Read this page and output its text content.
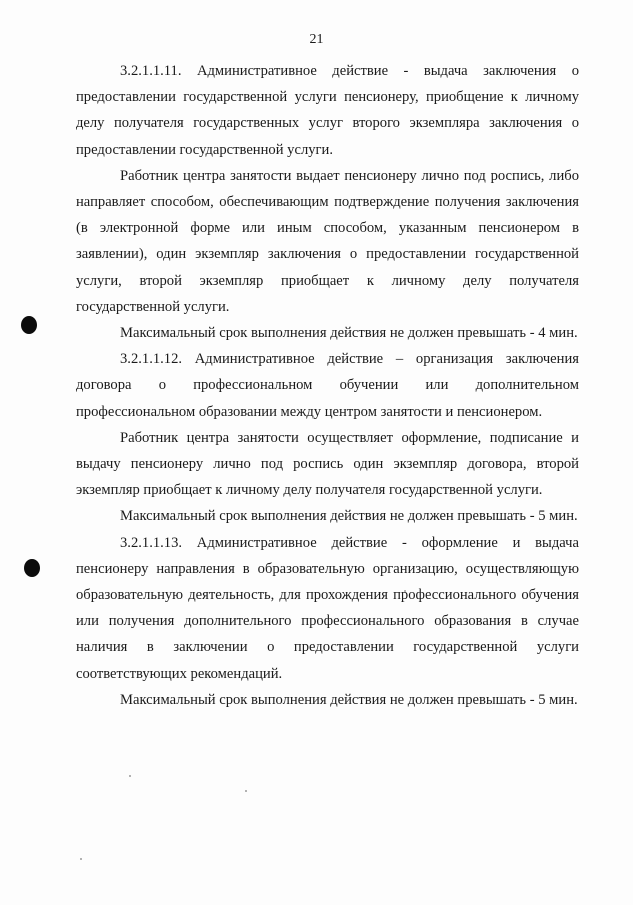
21

3.2.1.1.11. Административное действие - выдача заключения о предоставлении государственной услуги пенсионеру, приобщение к личному делу получателя государственных услуг второго экземпляра заключения о предоставлении государственной услуги.

Работник центра занятости выдает пенсионеру лично под роспись, либо направляет способом, обеспечивающим подтверждение получения заключения (в электронной форме или иным способом, указанным пенсионером в заявлении), один экземпляр заключения о предоставлении государственной услуги, второй экземпляр приобщает к личному делу получателя государственной услуги.

Максимальный срок выполнения действия не должен превышать - 4 мин.

3.2.1.1.12. Административное действие – организация заключения договора о профессиональном обучении или дополнительном профессиональном образовании между центром занятости и пенсионером.

Работник центра занятости осуществляет оформление, подписание и выдачу пенсионеру лично под роспись один экземпляр договора, второй экземпляр приобщает к личному делу получателя государственной услуги.

Максимальный срок выполнения действия не должен превышать - 5 мин.

3.2.1.1.13. Административное действие - оформление и выдача пенсионеру направления в образовательную организацию, осуществляющую образовательную деятельность, для прохождения профессионального обучения или получения дополнительного профессионального образования в случае наличия в заключении о предоставлении государственной услуги соответствующих рекомендаций.

Максимальный срок выполнения действия не должен превышать - 5 мин.
